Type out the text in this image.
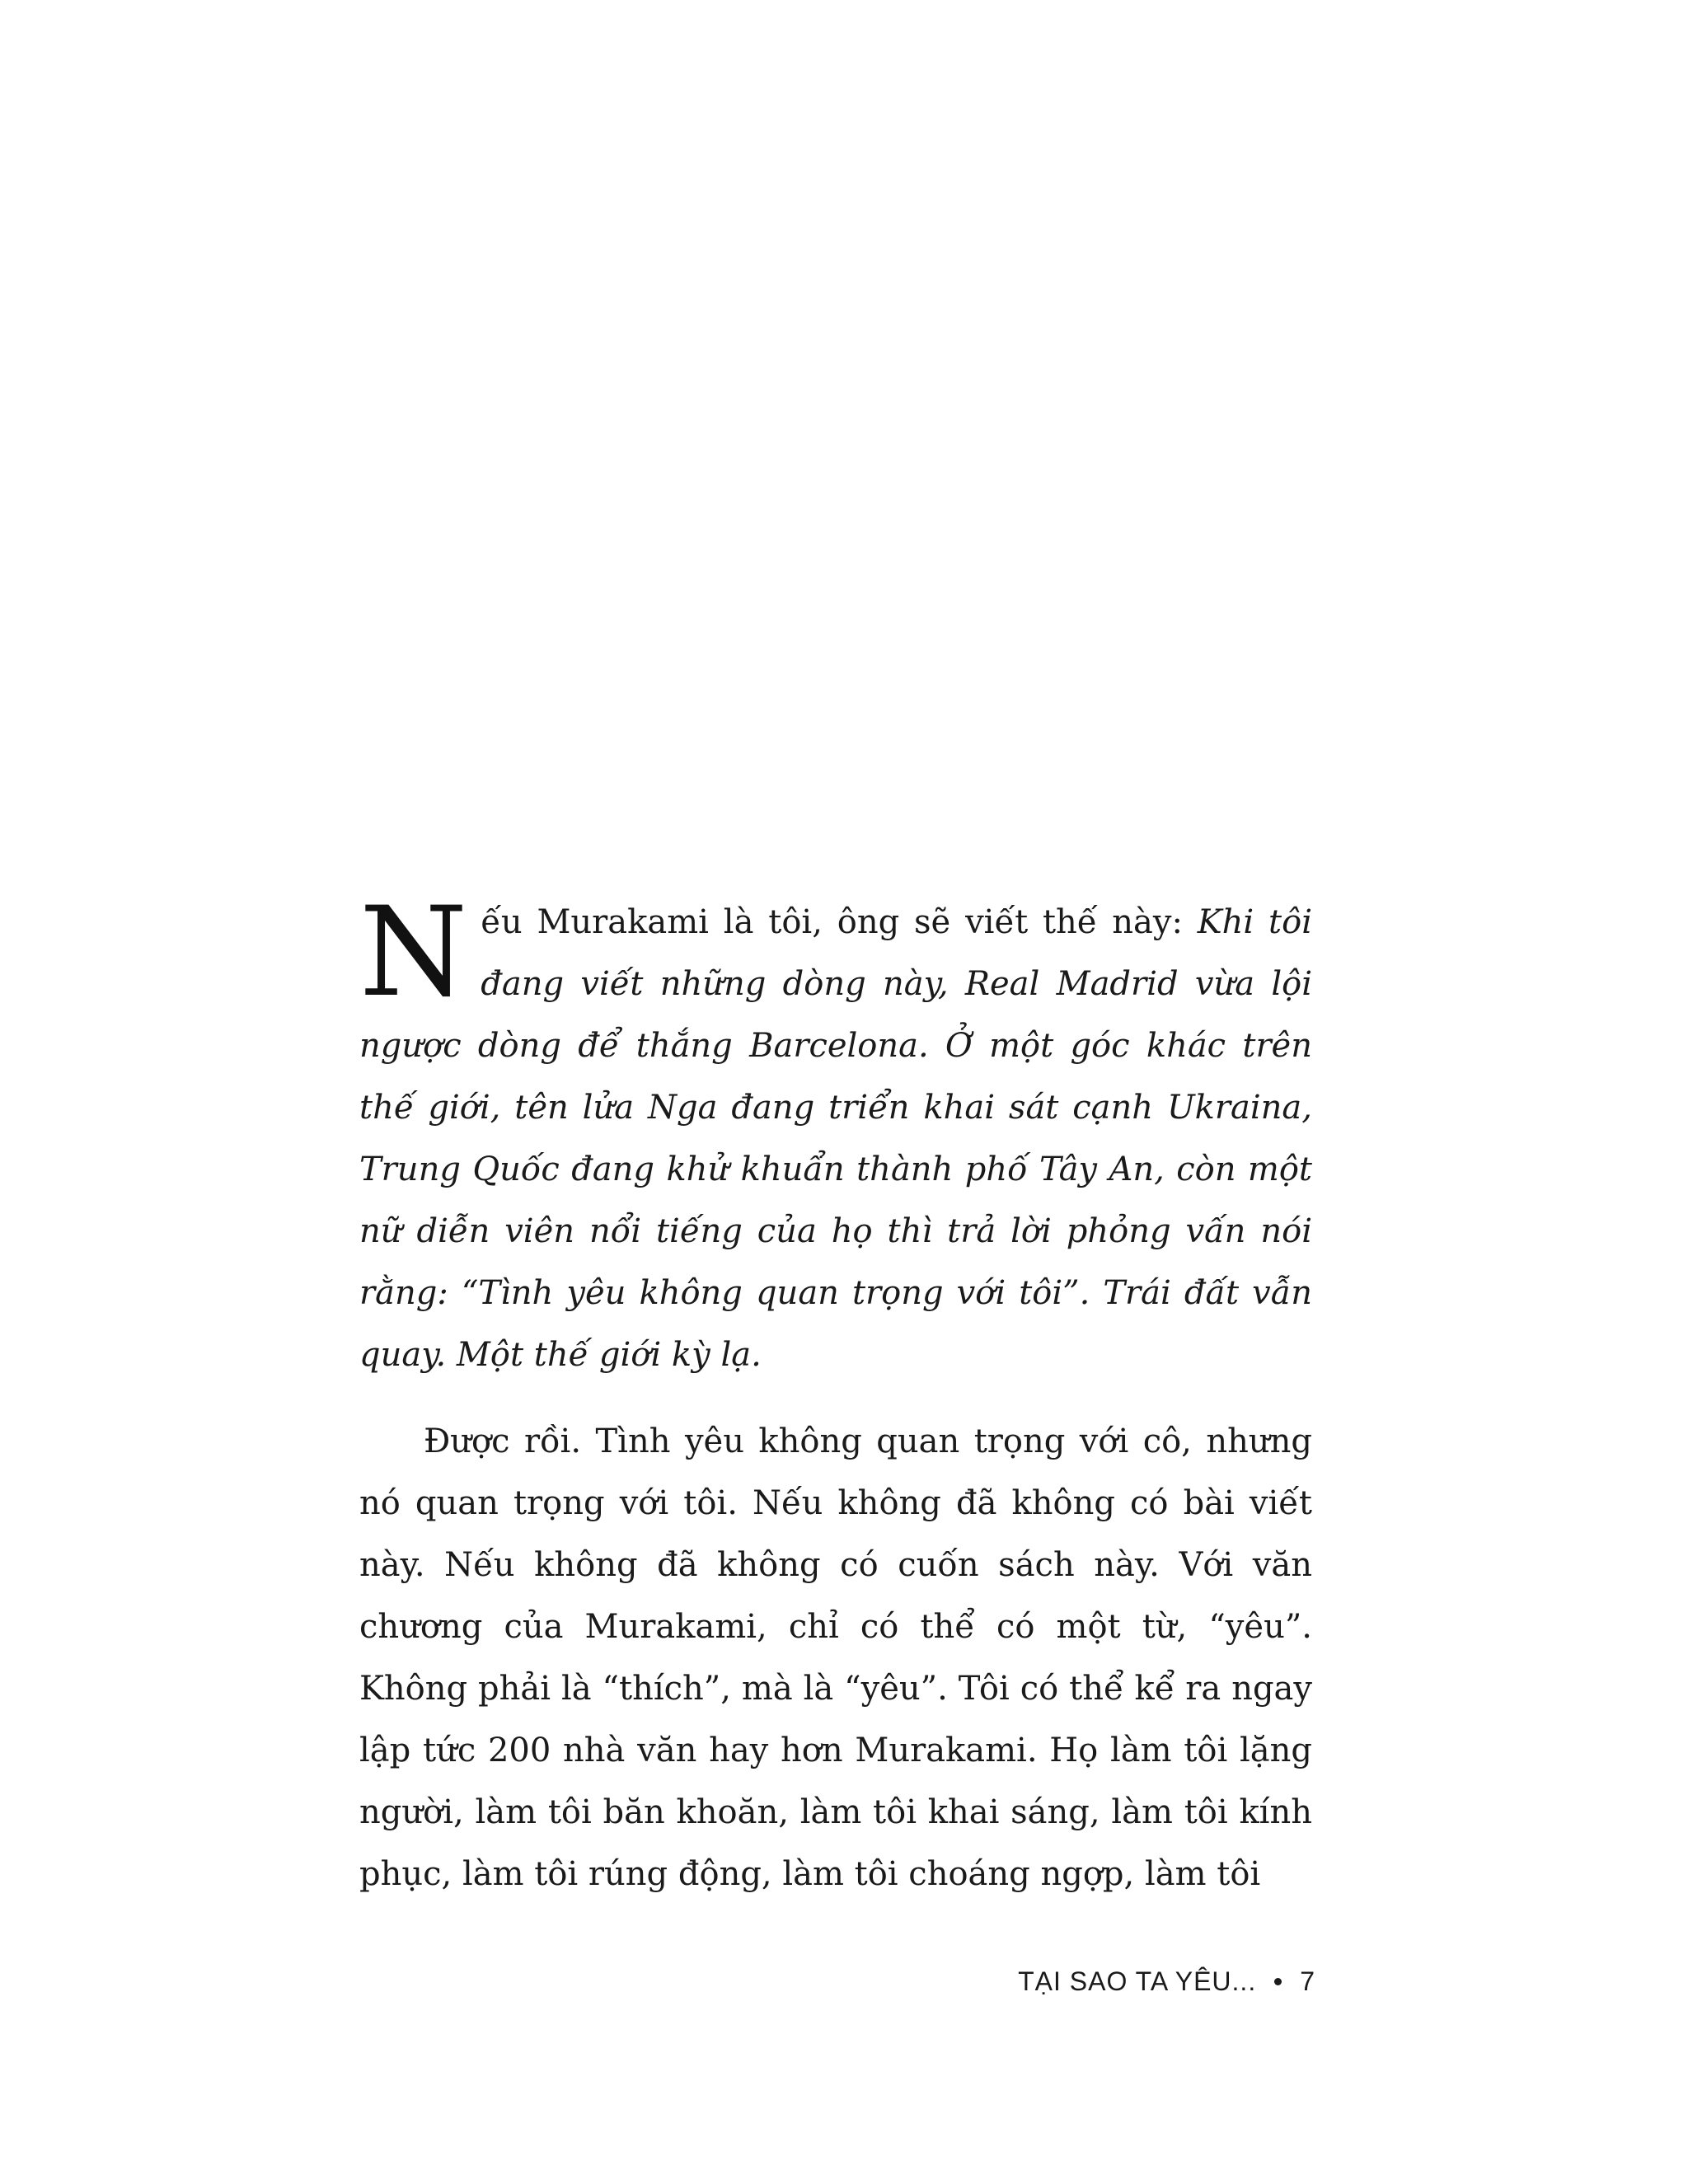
Nếu Murakami là tôi, ông sẽ viết thế này: Khi tôi đang viết những dòng này, Real Madrid vừa lội ngược dòng để thắng Barcelona. Ở một góc khác trên thế giới, tên lửa Nga đang triển khai sát cạnh Ukraina, Trung Quốc đang khử khuẩn thành phố Tây An, còn một nữ diễn viên nổi tiếng của họ thì trả lời phỏng vấn nói rằng: “Tình yêu không quan trọng với tôi”. Trái đất vẫn quay. Một thế giới kỳ lạ.

Được rồi. Tình yêu không quan trọng với cô, nhưng nó quan trọng với tôi. Nếu không đã không có bài viết này. Nếu không đã không có cuốn sách này. Với văn chương của Murakami, chỉ có thể có một từ, “yêu”. Không phải là “thích”, mà là “yêu”. Tôi có thể kể ra ngay lập tức 200 nhà văn hay hơn Murakami. Họ làm tôi lặng người, làm tôi băn khoăn, làm tôi khai sáng, làm tôi kính phục, làm tôi rúng động, làm tôi choáng ngợp, làm tôi

TẠI SAO TA YÊU... 7
